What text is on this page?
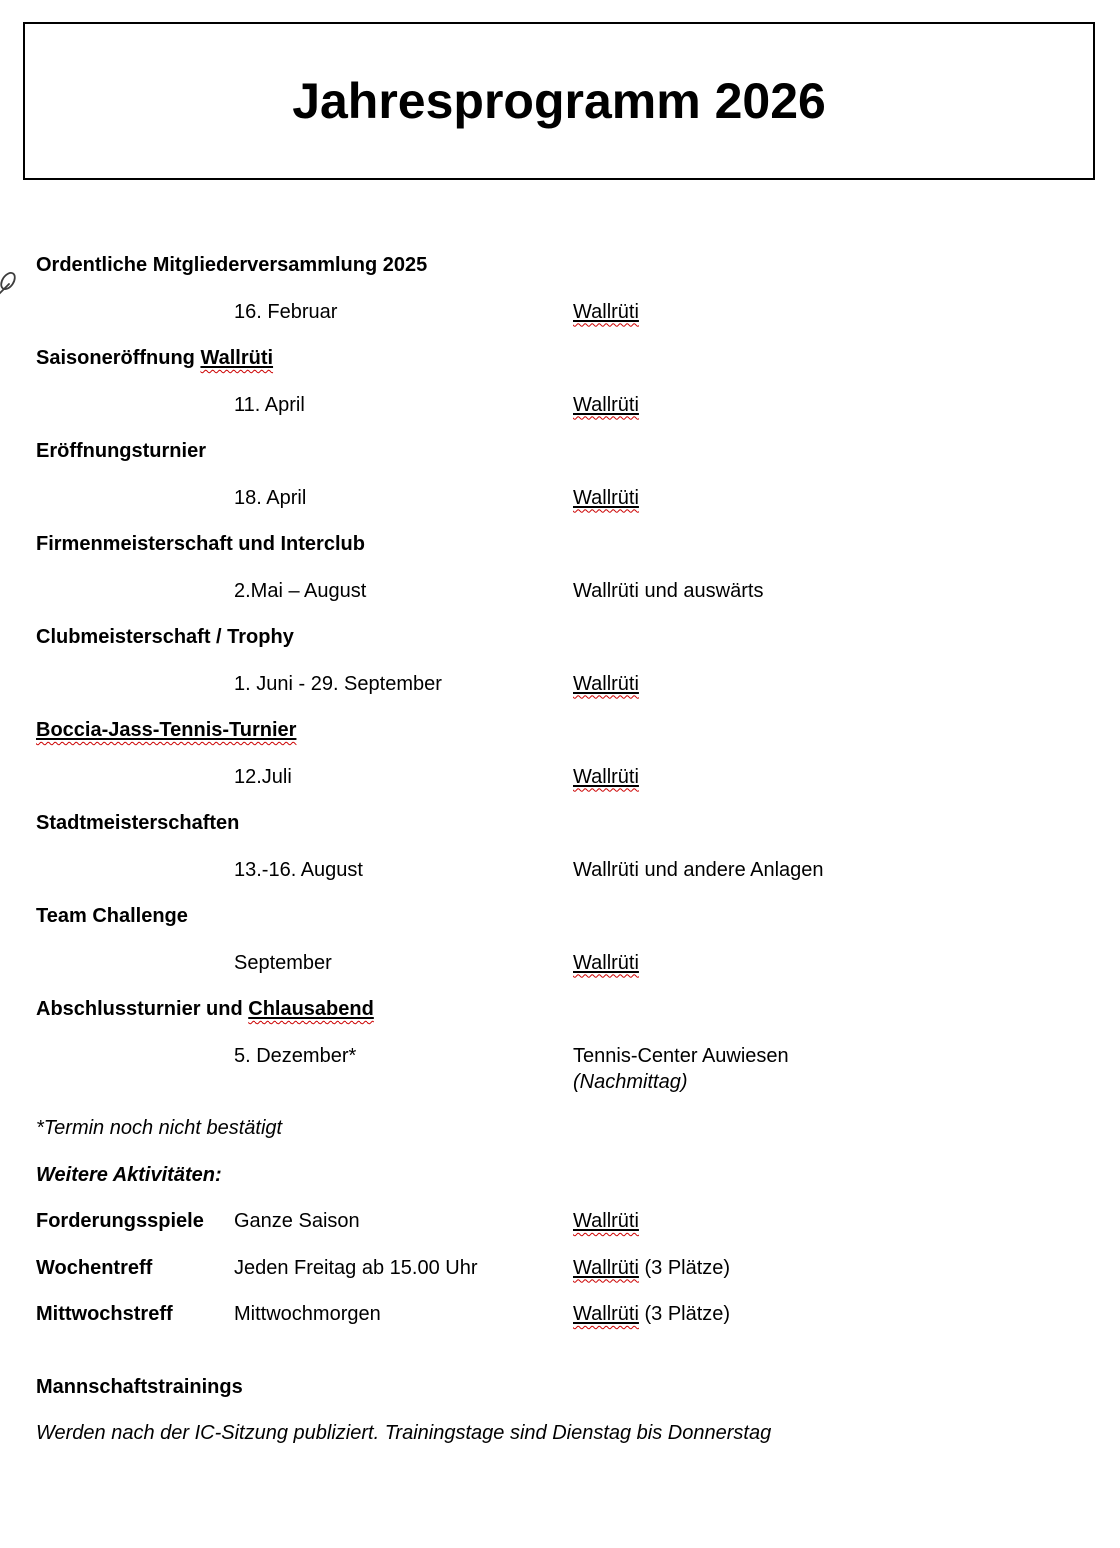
Jahresprogramm 2026
Ordentliche Mitgliederversammlung 2025
16. Februar	Wallrüti
Saisoneröffnung Wallrüti
11. April	Wallrüti
Eröffnungsturnier
18. April	Wallrüti
Firmenmeisterschaft und Interclub
2.Mai – August	Wallrüti und auswärts
Clubmeisterschaft / Trophy
1. Juni - 29. September	Wallrüti
Boccia-Jass-Tennis-Turnier
12.Juli	Wallrüti
Stadtmeisterschaften
13.-16. August	Wallrüti und andere Anlagen
Team Challenge
September	Wallrüti
Abschlussturnier und Chlausabend
5. Dezember*	Tennis-Center Auwiesen
(Nachmittag)
*Termin noch nicht bestätigt
Weitere Aktivitäten:
Forderungsspiele	Ganze Saison	Wallrüti
Wochentreff	Jeden Freitag ab 15.00 Uhr	Wallrüti (3 Plätze)
Mittwochstreff	Mittwochmorgen	Wallrüti (3 Plätze)
Mannschaftstrainings
Werden nach der IC-Sitzung publiziert. Trainingstage sind Dienstag bis Donnerstag
